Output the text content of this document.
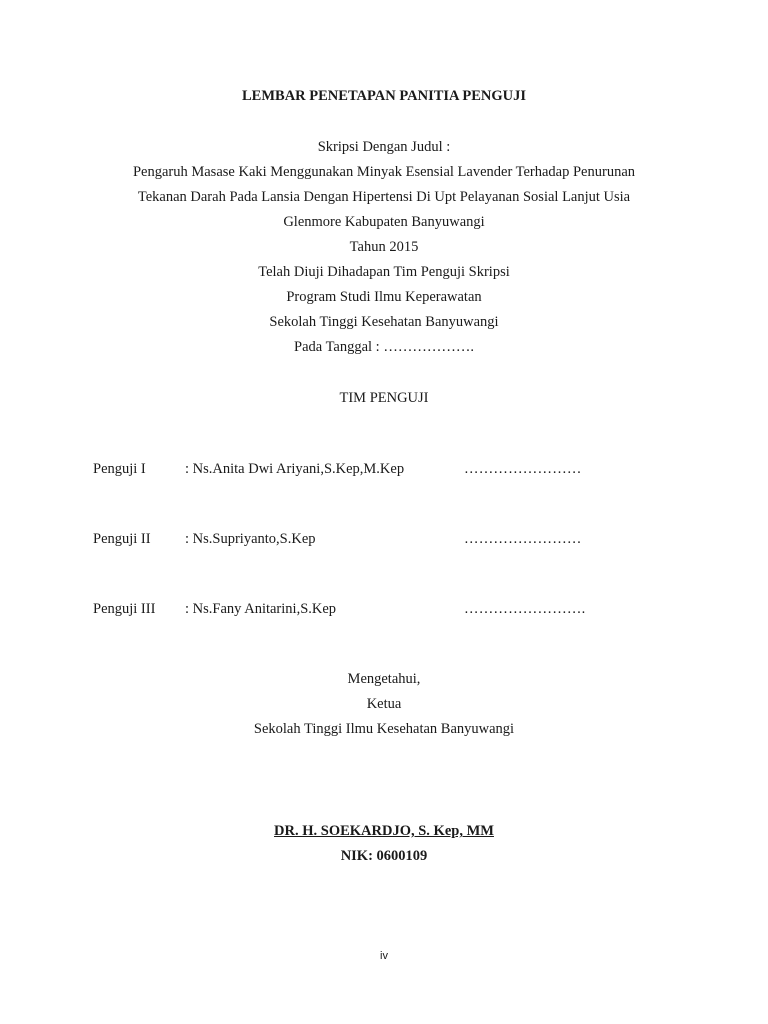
LEMBAR PENETAPAN PANITIA PENGUJI
Skripsi Dengan Judul :
Pengaruh Masase Kaki Menggunakan Minyak Esensial Lavender Terhadap Penurunan
Tekanan Darah Pada Lansia Dengan Hipertensi Di Upt Pelayanan Sosial Lanjut Usia
Glenmore Kabupaten Banyuwangi
Tahun 2015
Telah Diuji Dihadapan Tim Penguji Skripsi
Program Studi Ilmu Keperawatan
Sekolah Tinggi Kesehatan Banyuwangi
Pada Tanggal : ……………….
TIM PENGUJI
Penguji I	: Ns.Anita Dwi Ariyani,S.Kep,M.Kep	……………………
Penguji II : Ns.Supriyanto,S.Kep	……………………
Penguji III : Ns.Fany Anitarini,S.Kep	…………………….
Mengetahui,
Ketua
Sekolah Tinggi Ilmu Kesehatan Banyuwangi
DR. H. SOEKARDJO, S. Kep, MM
NIK: 0600109
iv
